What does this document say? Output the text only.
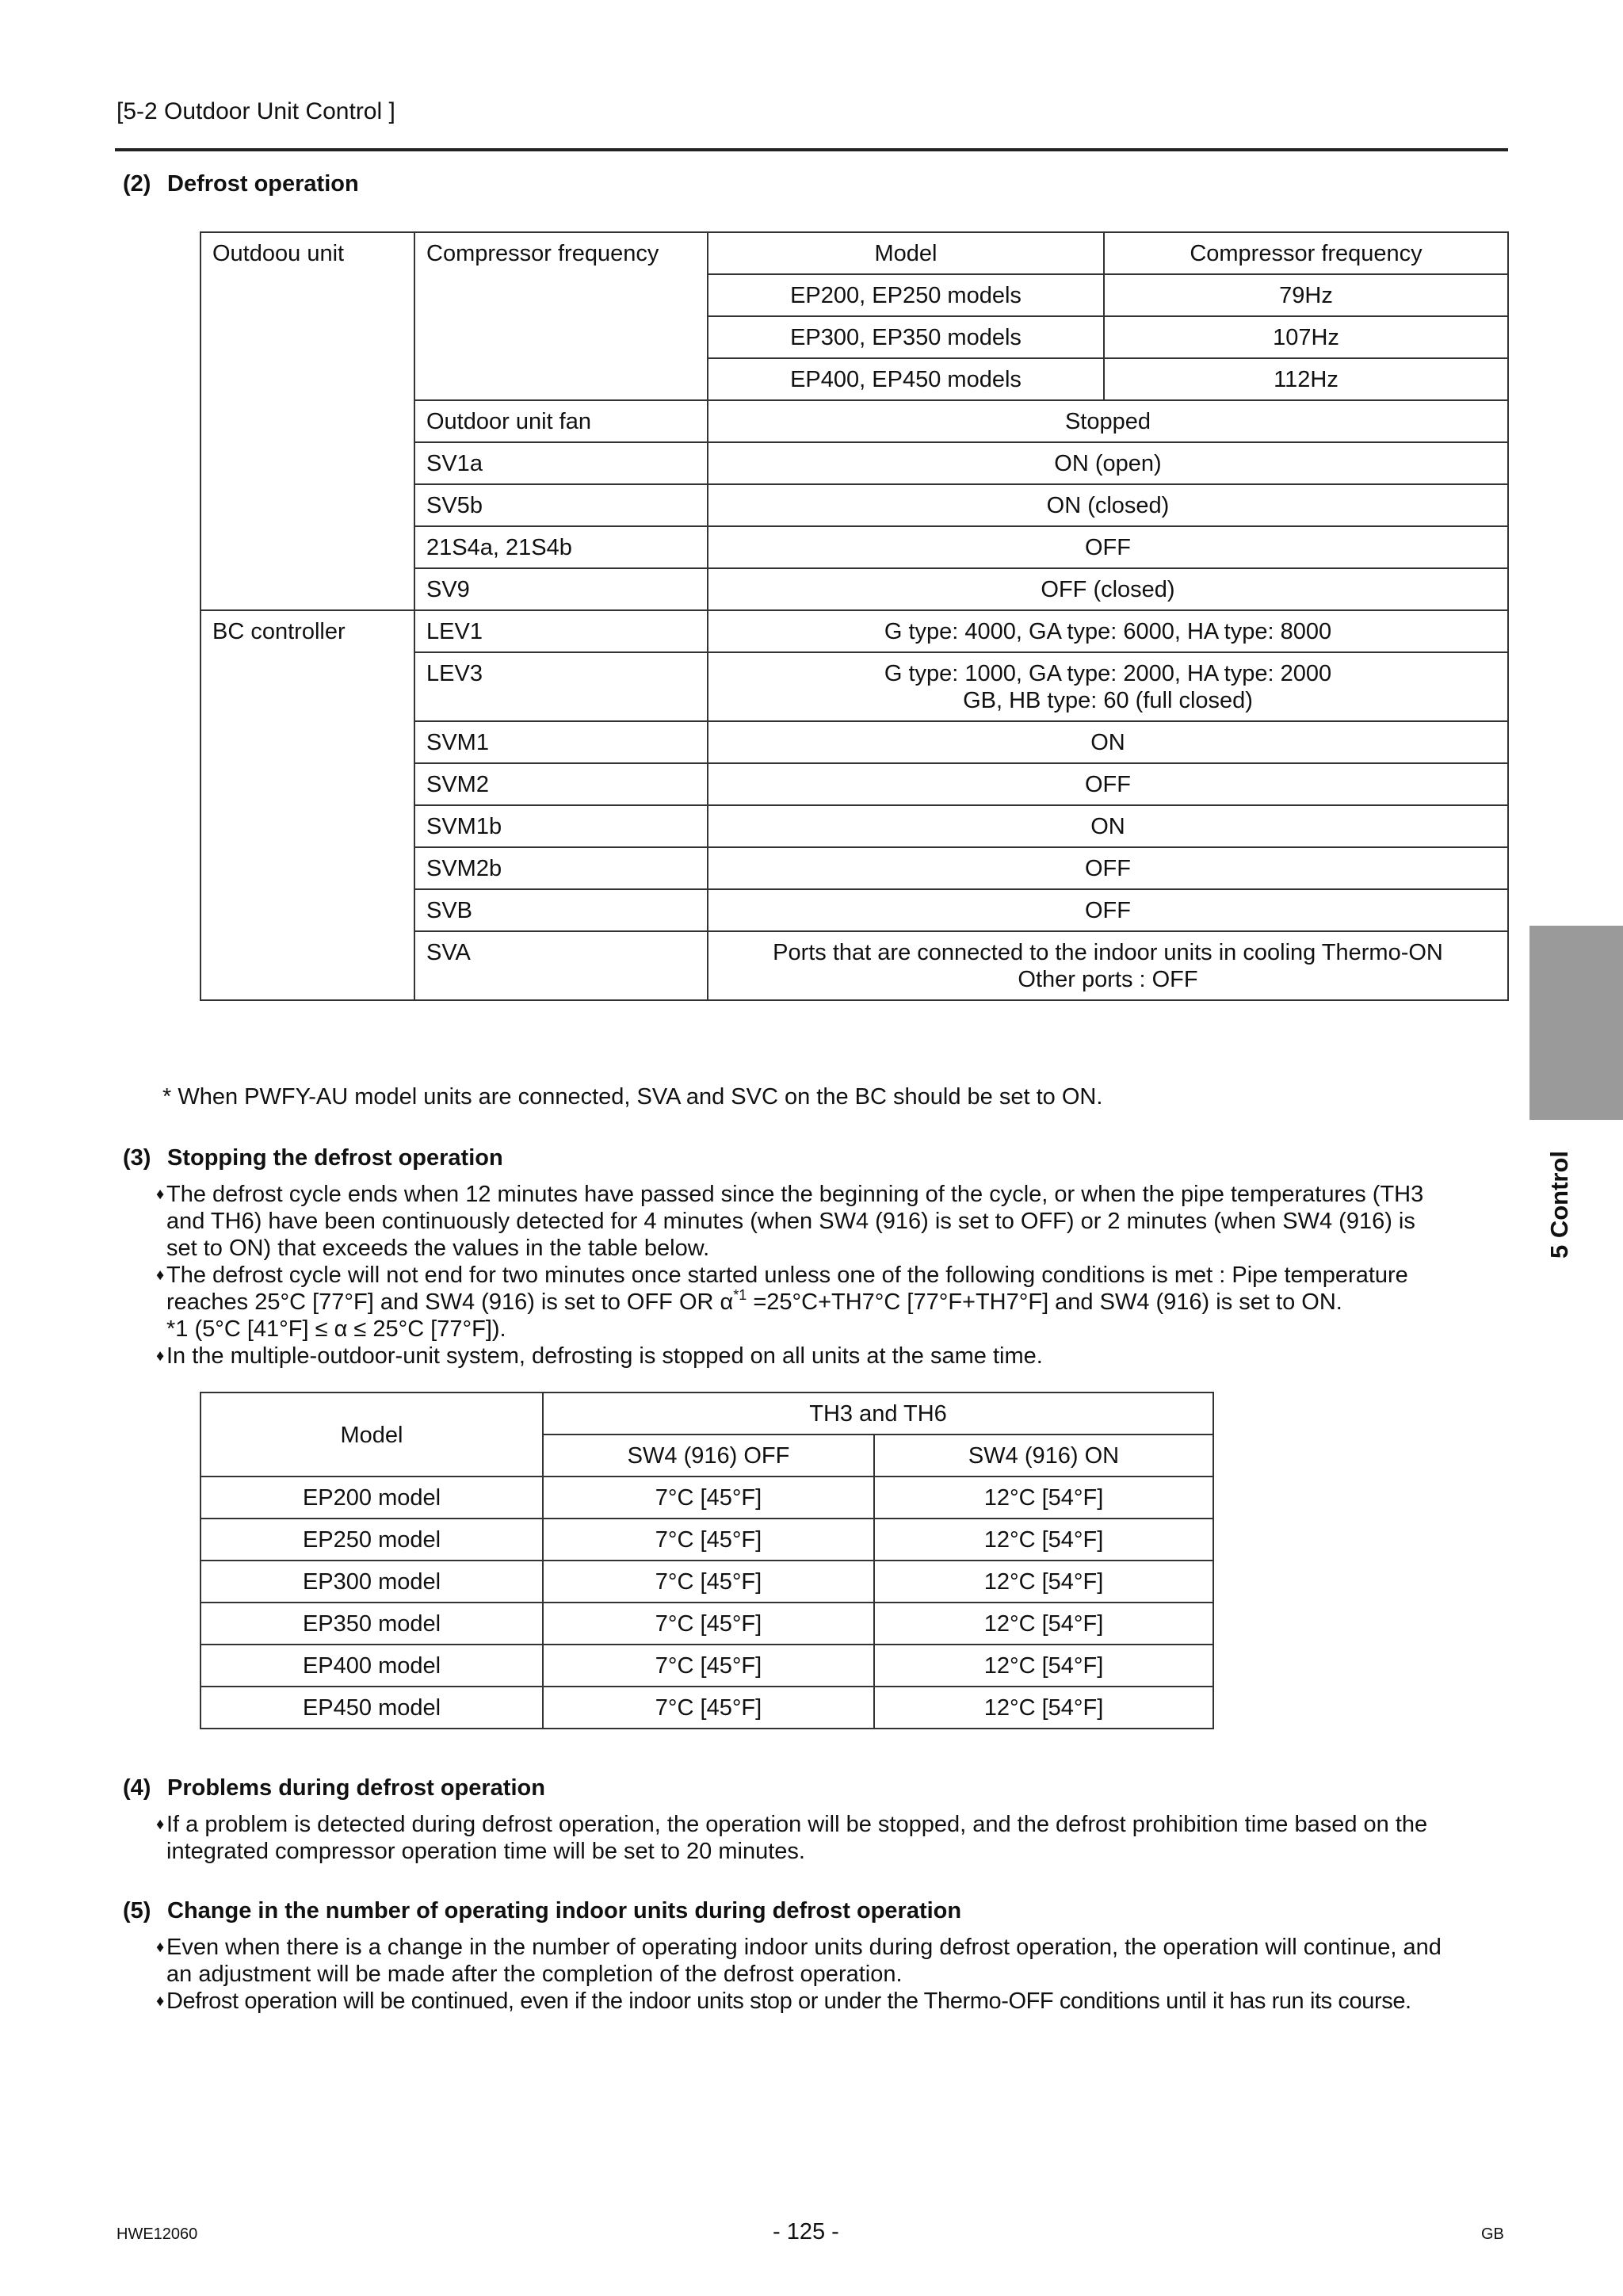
[5-2 Outdoor Unit Control ]
(2) Defrost operation
Outdoou unit	Compressor frequency	Model	Compressor frequency
		EP200, EP250 models	79Hz
		EP300, EP350 models	107Hz
		EP400, EP450 models	112Hz
	Outdoor unit fan	Stopped	
	SV1a	ON (open)	
	SV5b	ON (closed)	
	21S4a, 21S4b	OFF	
	SV9	OFF (closed)	
BC controller	LEV1	G type: 4000, GA type: 6000, HA type: 8000	
	LEV3	G type: 1000, GA type: 2000, HA type: 2000
GB, HB type: 60 (full closed)	

	SVM1	ON	
	SVM2	OFF	
	SVM1b	ON	
	SVM2b	OFF	
	SVB	OFF	
	SVA	Ports that are connected to the indoor units in cooling Thermo-ON
Other ports : OFF	
* When PWFY-AU model units are connected, SVA and SVC on the BC should be set to ON.
(3) Stopping the defrost operation
♦ The defrost cycle ends when 12 minutes have passed since the beginning of the cycle, or when the pipe temperatures (TH3
and TH6) have been continuously detected for 4 minutes (when SW4 (916) is set to OFF) or 2 minutes (when SW4 (916) is
set to ON) that exceeds the values in the table below.
♦ The defrost cycle will not end for two minutes once started unless one of the following conditions is met : Pipe temperature
reaches 25°C [77°F] and SW4 (916) is set to OFF OR $\alpha^{*1} =25^\circ C+TH7^\circ C$ [77°F+TH7°F] and SW4 (916) is set to ON.
*1 (5°C [41°F] ≤ α ≤ 25°C [77°F]).
♦ In the multiple-outdoor-unit system, defrosting is stopped on all units at the same time.
Model	TH3 and TH6	
	SW4 (916) OFF	SW4 (916) ON
EP200 model	7°C [45°F]	12°C [54°F]
EP250 model	7°C [45°F]	12°C [54°F]
EP300 model	7°C [45°F]	12°C [54°F]
EP350 model	7°C [45°F]	12°C [54°F]
EP400 model	7°C [45°F]	12°C [54°F]
EP450 model	7°C [45°F]	12°C [54°F]
(4) Problems during defrost operation
♦ If a problem is detected during defrost operation, the operation will be stopped, and the defrost prohibition time based on the
integrated compressor operation time will be set to 20 minutes.
(5) Change in the number of operating indoor units during defrost operation
♦ Even when there is a change in the number of operating indoor units during defrost operation, the operation will continue, and
an adjustment will be made after the completion of the defrost operation.
♦ Defrost operation will be continued, even if the indoor units stop or under the Thermo-OFF conditions until it has run its course.
5 Control
HWE12060	- 125 -	GB
